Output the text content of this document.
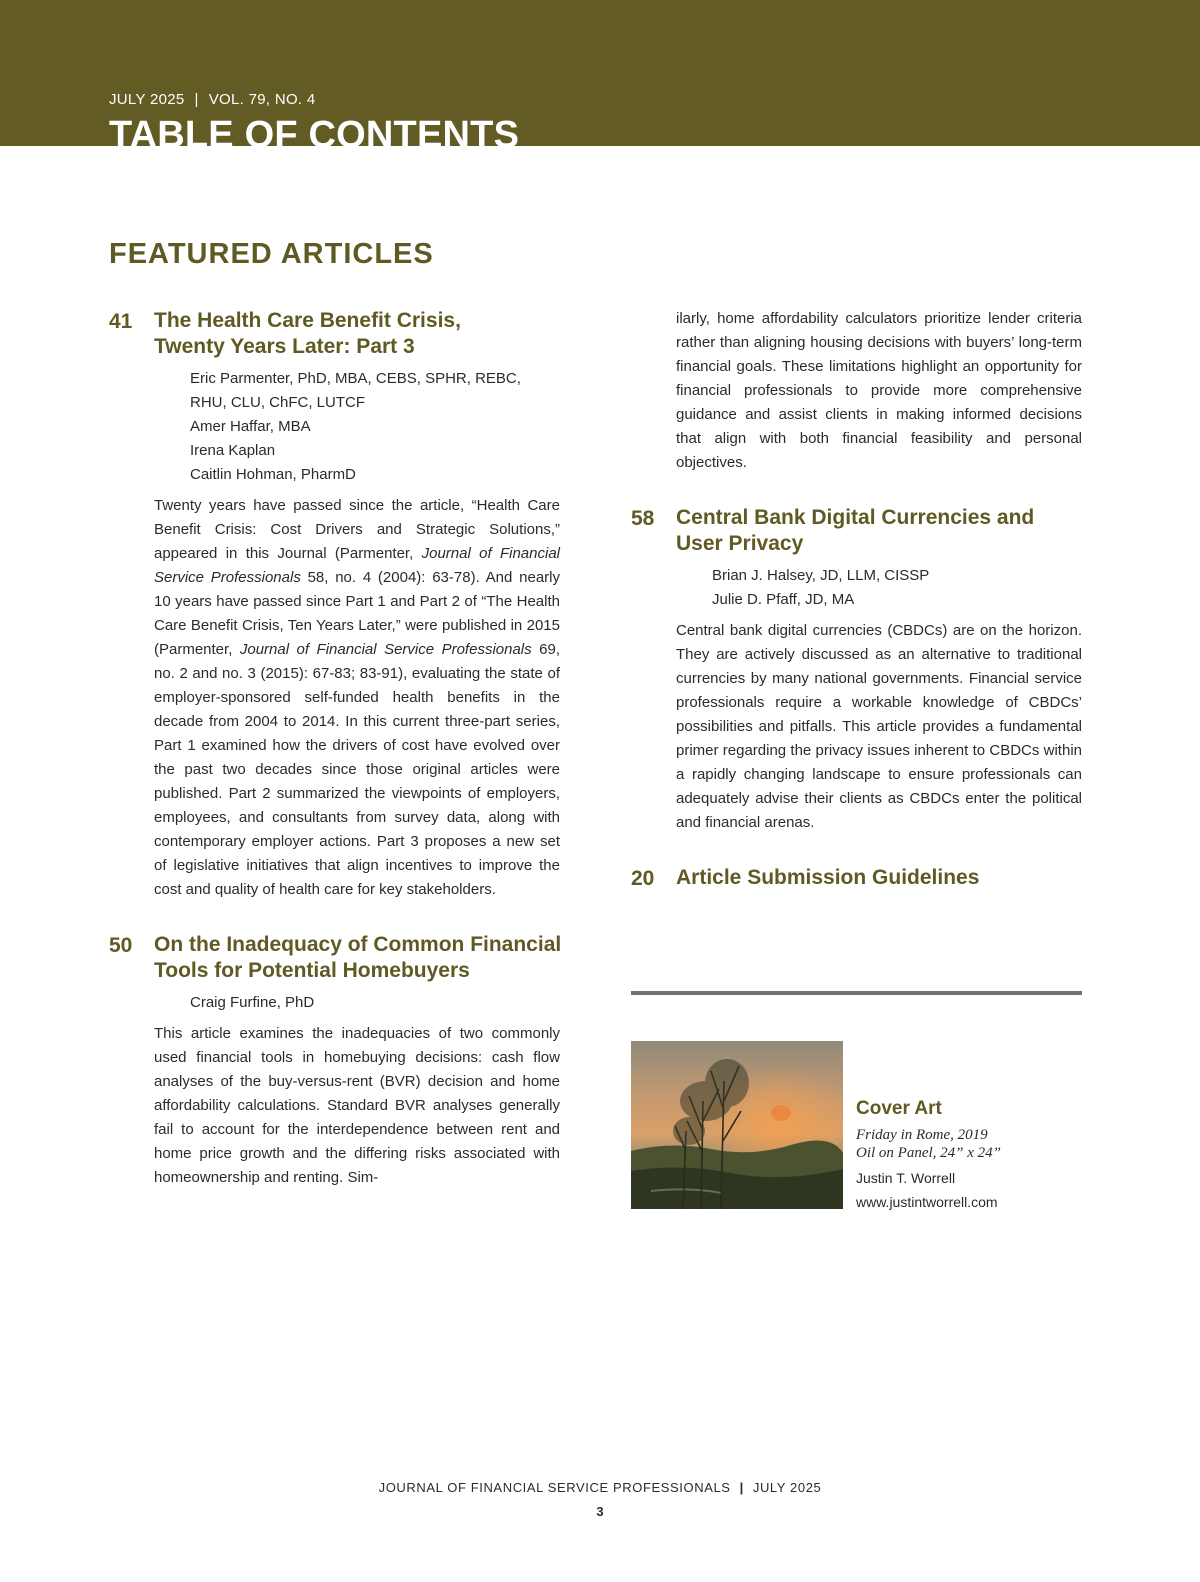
JULY 2025 | VOL. 79, NO. 4
TABLE OF CONTENTS
FEATURED ARTICLES
41 The Health Care Benefit Crisis,
Twenty Years Later: Part 3
Eric Parmenter, PhD, MBA, CEBS, SPHR, REBC,
RHU, CLU, ChFC, LUTCF
Amer Haffar, MBA
Irena Kaplan
Caitlin Hohman, PharmD

Twenty years have passed since the article, “Health Care Benefit Crisis: Cost Drivers and Strategic Solutions,” appeared in this Journal (Parmenter, Journal of Financial Service Professionals 58, no. 4 (2004): 63-78). And nearly 10 years have passed since Part 1 and Part 2 of “The Health Care Benefit Crisis, Ten Years Later,” were published in 2015 (Parmenter, Journal of Financial Service Professionals 69, no. 2 and no. 3 (2015): 67-83; 83-91), evaluating the state of employer-sponsored self-funded health benefits in the decade from 2004 to 2014. In this current three-part series, Part 1 examined how the drivers of cost have evolved over the past two decades since those original articles were published. Part 2 summarized the viewpoints of employers, employees, and consultants from survey data, along with contemporary employer actions. Part 3 proposes a new set of legislative initiatives that align incentives to improve the cost and quality of health care for key stakeholders.

50 On the Inadequacy of Common Financial
Tools for Potential Homebuyers
Craig Furfine, PhD

This article examines the inadequacies of two commonly used financial tools in homebuying decisions: cash flow analyses of the buy-versus-rent (BVR) decision and home affordability calculations. Standard BVR analyses generally fail to account for the interdependence between rent and home price growth and the differing risks associated with homeownership and renting. Sim-

ilarly, home affordability calculators prioritize lender criteria rather than aligning housing decisions with buyers’ long-term financial goals. These limitations highlight an opportunity for financial professionals to provide more comprehensive guidance and assist clients in making informed decisions that align with both financial feasibility and personal objectives.

58 Central Bank Digital Currencies and
User Privacy
Brian J. Halsey, JD, LLM, CISSP
Julie D. Pfaff, JD, MA

Central bank digital currencies (CBDCs) are on the horizon. They are actively discussed as an alternative to traditional currencies by many national governments. Financial service professionals require a workable knowledge of CBDCs’ possibilities and pitfalls. This article provides a fundamental primer regarding the privacy issues inherent to CBDCs within a rapidly changing landscape to ensure professionals can adequately advise their clients as CBDCs enter the political and financial arenas.

20 Article Submission Guidelines
Cover Art
Friday in Rome, 2019
Oil on Panel, 24” x 24”
Justin T. Worrell
www.justintworrell.com
JOURNAL OF FINANCIAL SERVICE PROFESSIONALS | JULY 2025
3
